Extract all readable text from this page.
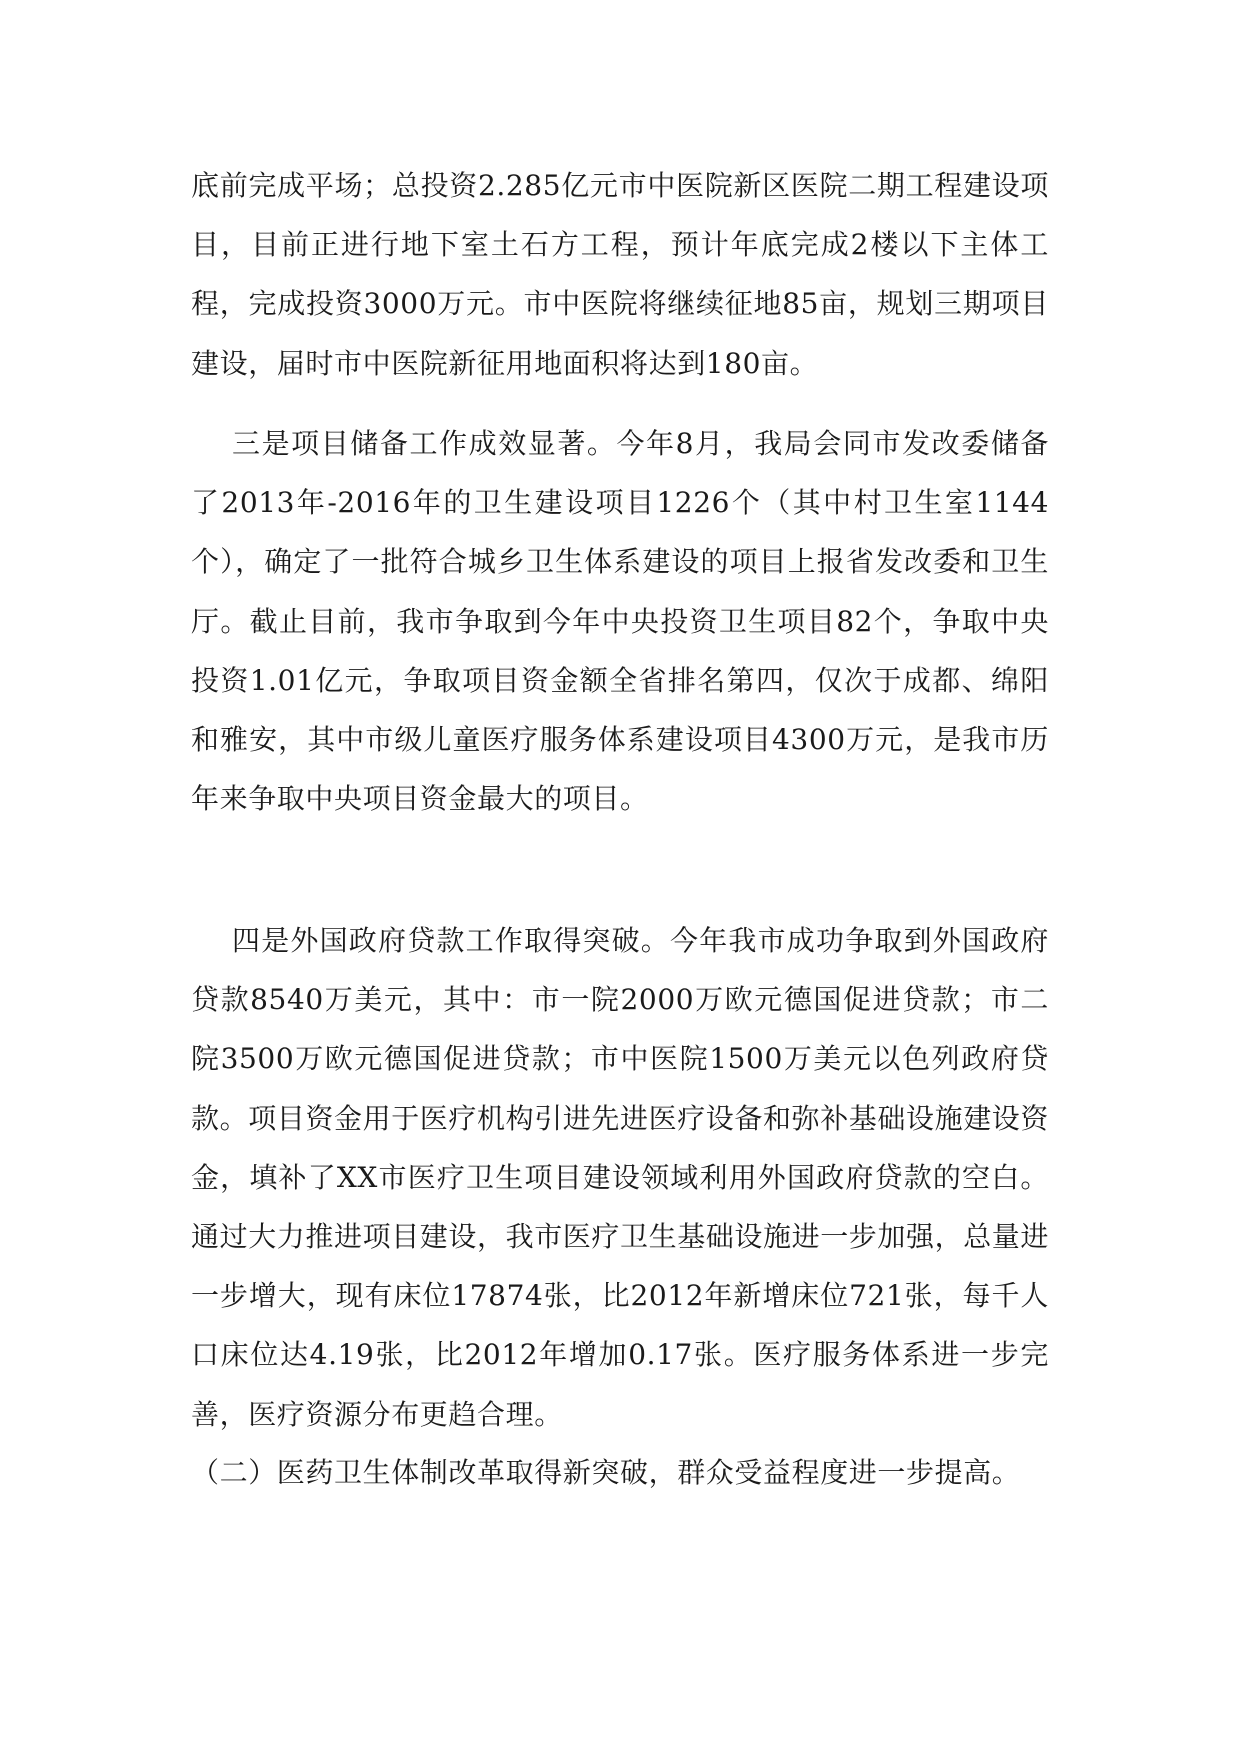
底前完成平场；总投资2.285亿元市中医院新区医院二期工程建设项目，目前正进行地下室土石方工程，预计年底完成2楼以下主体工程，完成投资3000万元。市中医院将继续征地85亩，规划三期项目建设，届时市中医院新征用地面积将达到180亩。

三是项目储备工作成效显著。今年8月，我局会同市发改委储备了2013年-2016年的卫生建设项目1226个（其中村卫生室1144个），确定了一批符合城乡卫生体系建设的项目上报省发改委和卫生厅。截止目前，我市争取到今年中央投资卫生项目82个，争取中央投资1.01亿元，争取项目资金额全省排名第四，仅次于成都、绵阳和雅安，其中市级儿童医疗服务体系建设项目4300万元，是我市历年来争取中央项目资金最大的项目。

四是外国政府贷款工作取得突破。今年我市成功争取到外国政府贷款8540万美元，其中：市一院2000万欧元德国促进贷款；市二院3500万欧元德国促进贷款；市中医院1500万美元以色列政府贷款。项目资金用于医疗机构引进先进医疗设备和弥补基础设施建设资金，填补了XX市医疗卫生项目建设领域利用外国政府贷款的空白。通过大力推进项目建设，我市医疗卫生基础设施进一步加强，总量进一步增大，现有床位17874张，比2012年新增床位721张，每千人口床位达4.19张，比2012年增加0.17张。医疗服务体系进一步完善，医疗资源分布更趋合理。

（二）医药卫生体制改革取得新突破，群众受益程度进一步提高。
